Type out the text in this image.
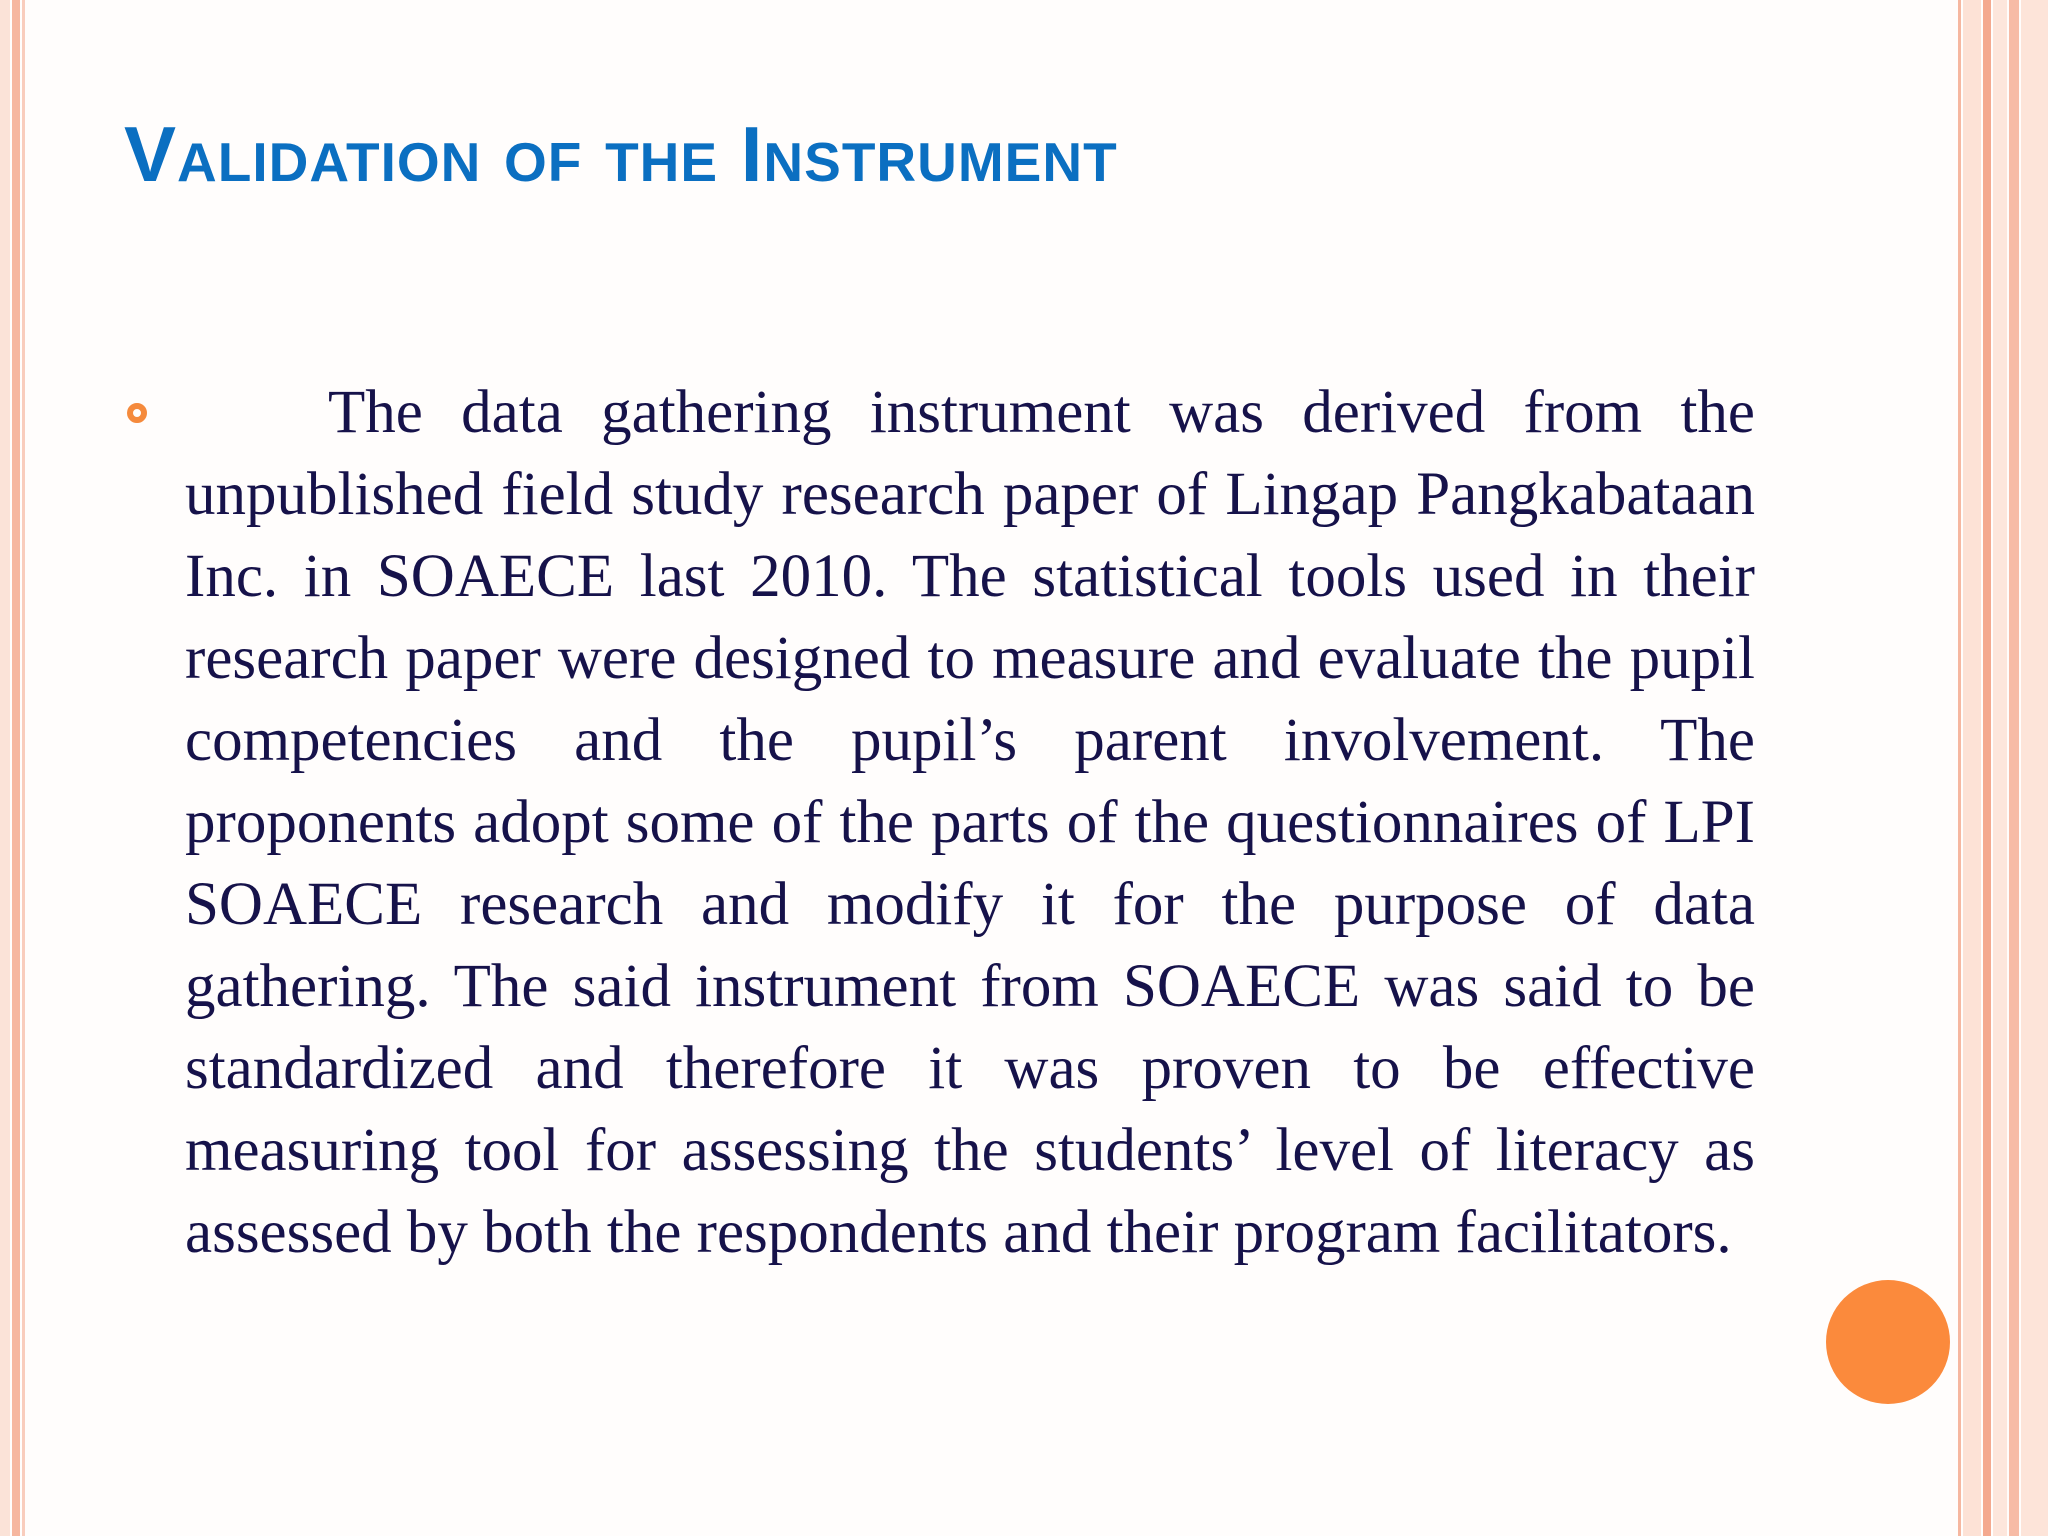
Validation of the Instrument

The data gathering instrument was derived from the unpublished field study research paper of Lingap Pangkabataan Inc. in SOAECE last 2010. The statistical tools used in their research paper were designed to measure and evaluate the pupil competencies and the pupil’s parent involvement. The proponents adopt some of the parts of the questionnaires of LPI SOAECE research and modify it for the purpose of data gathering. The said instrument from SOAECE was said to be standardized and therefore it was proven to be effective measuring tool for assessing the students’ level of literacy as assessed by both the respondents and their program facilitators.
